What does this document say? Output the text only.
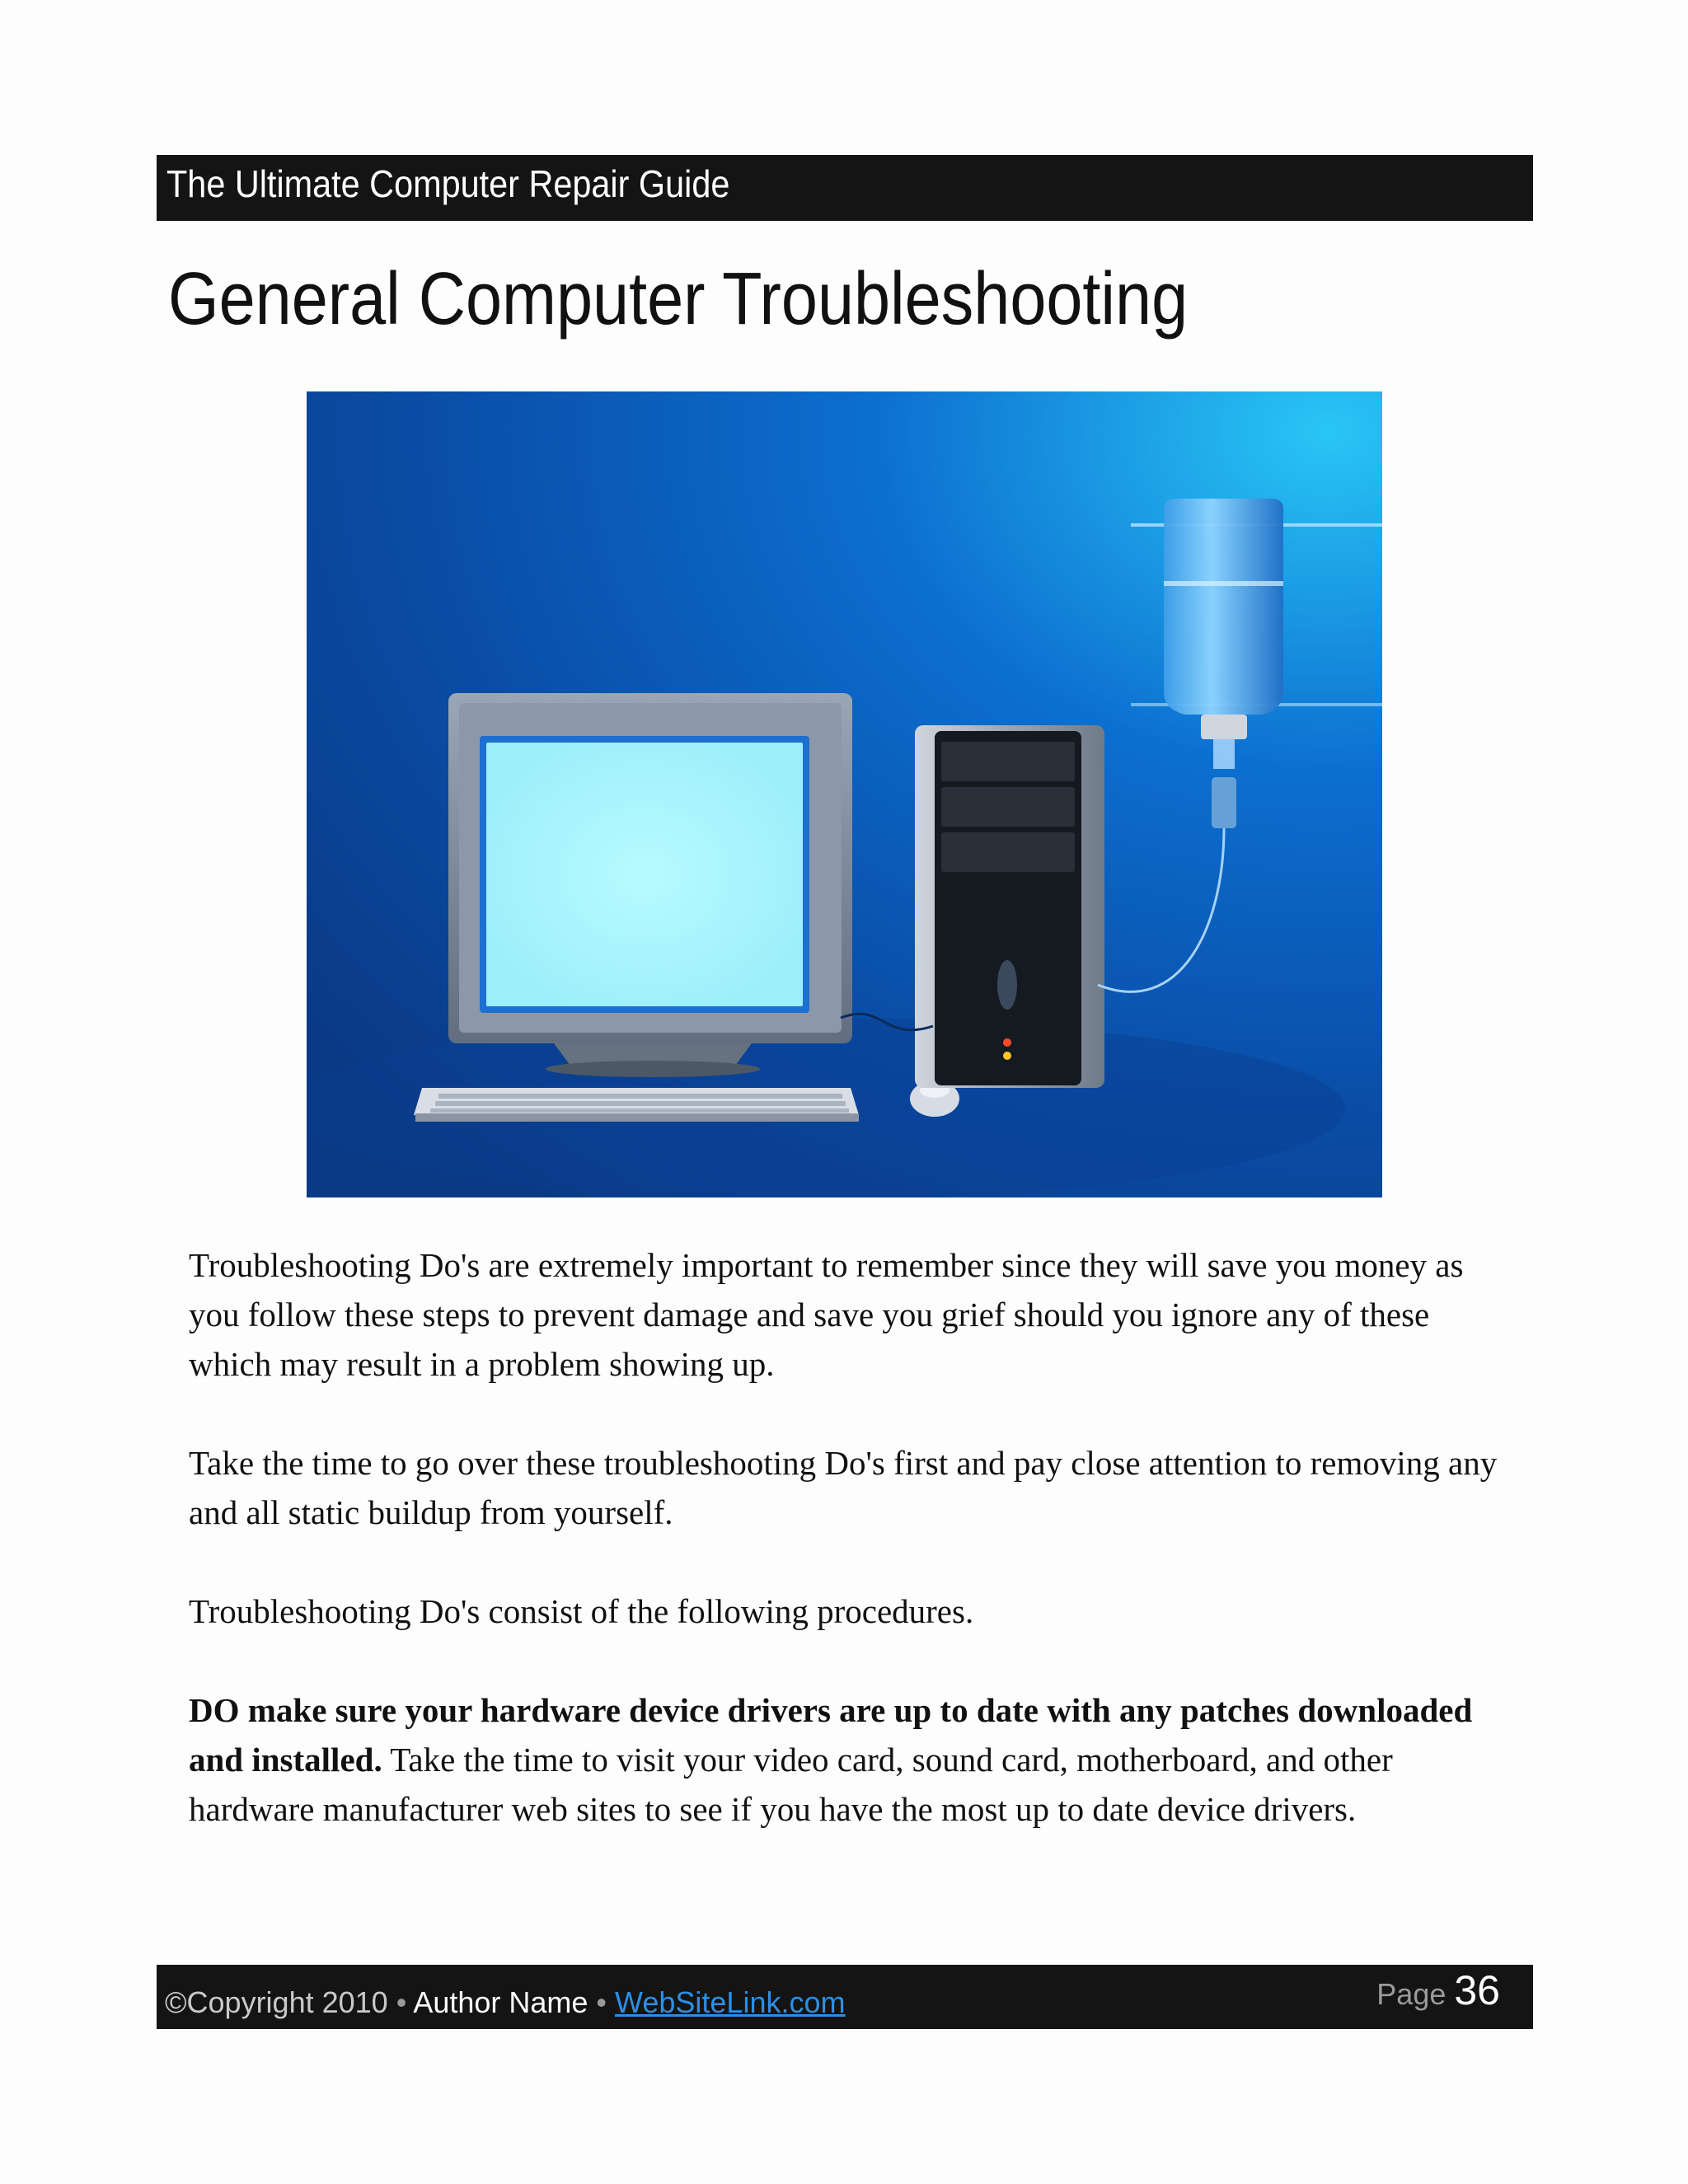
The Ultimate Computer Repair Guide
General Computer Troubleshooting

Troubleshooting Do's are extremely important to remember since they will save you money as you follow these steps to prevent damage and save you grief should you ignore any of these which may result in a problem showing up.

Take the time to go over these troubleshooting Do's first and pay close attention to removing any and all static buildup from yourself.

Troubleshooting Do's consist of the following procedures.

DO make sure your hardware device drivers are up to date with any patches downloaded and installed. Take the time to visit your video card, sound card, motherboard, and other hardware manufacturer web sites to see if you have the most up to date device drivers.

©Copyright 2010 • Author Name • WebSiteLink.com	Page 36
